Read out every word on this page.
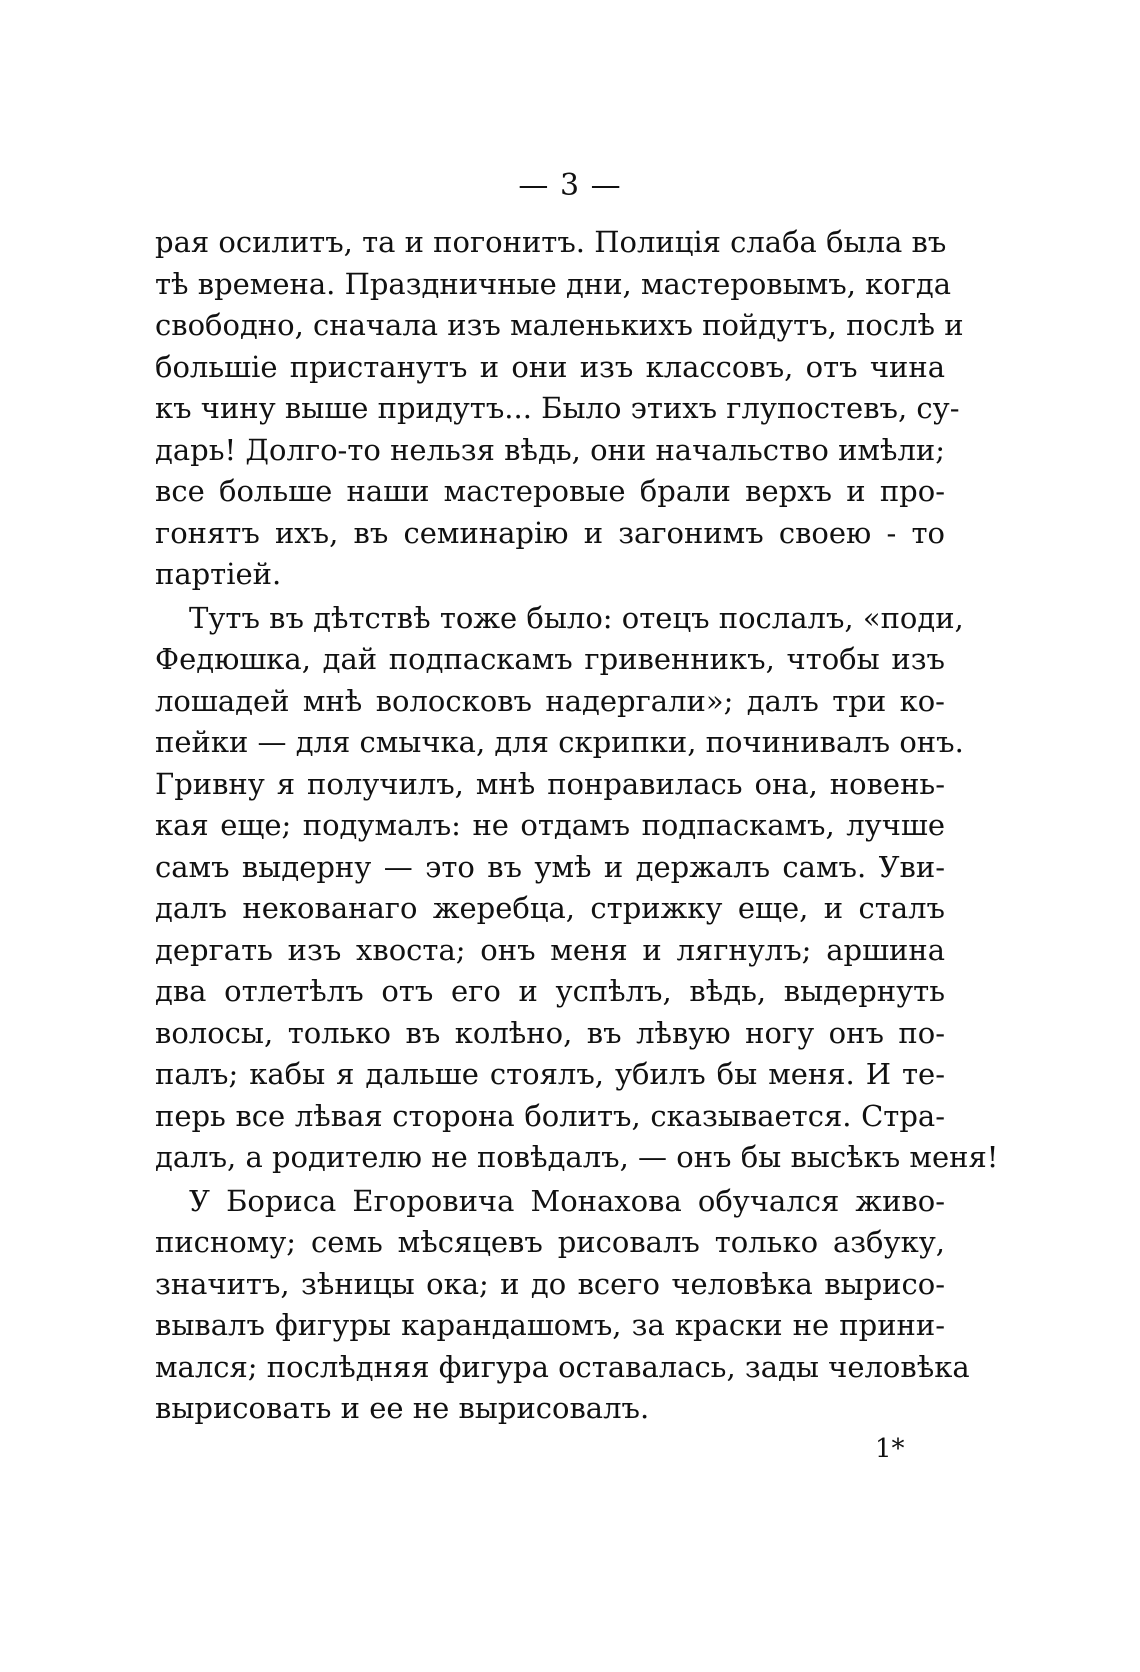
— 3 —
рая осилитъ, та и погонитъ. Полиція слаба была въ
тѣ времена. Праздничные дни, мастеровымъ, когда
свободно, сначала изъ маленькихъ пойдутъ, послѣ и
большіе пристанутъ и они изъ классовъ, отъ чина
къ чину выше придутъ... Было этихъ глупостевъ, су-
дарь! Долго-то нельзя вѣдь, они начальство имѣли;
все больше наши мастеровые брали верхъ и про-
гонятъ ихъ, въ семинарію и загонимъ своею - то
партіей.
Тутъ въ дѣтствѣ тоже было: отецъ послалъ, «поди,
Федюшка, дай подпаскамъ гривенникъ, чтобы изъ
лошадей мнѣ волосковъ надергали»; далъ три ко-
пейки — для смычка, для скрипки, починивалъ онъ.
Гривну я получилъ, мнѣ понравилась она, новень-
кая еще; подумалъ: не отдамъ подпаскамъ, лучше
самъ выдерну — это въ умѣ и держалъ самъ. Уви-
далъ некованаго жеребца, стрижку еще, и сталъ
дергать изъ хвоста; онъ меня и лягнулъ; аршина
два отлетѣлъ отъ его и успѣлъ, вѣдь, выдернуть
волосы, только въ колѣно, въ лѣвую ногу онъ по-
палъ; кабы я дальше стоялъ, убилъ бы меня. И те-
перь все лѣвая сторона болитъ, сказывается. Стра-
далъ, а родителю не повѣдалъ, — онъ бы высѣкъ меня!
У Бориса Егоровича Монахова обучался живо-
писному; семь мѣсяцевъ рисовалъ только азбуку,
значитъ, зѣницы ока; и до всего человѣка вырисо-
вывалъ фигуры карандашомъ, за краски не прини-
мался; послѣдняя фигура оставалась, зады человѣка
вырисовать и ее не вырисовалъ.
1*
